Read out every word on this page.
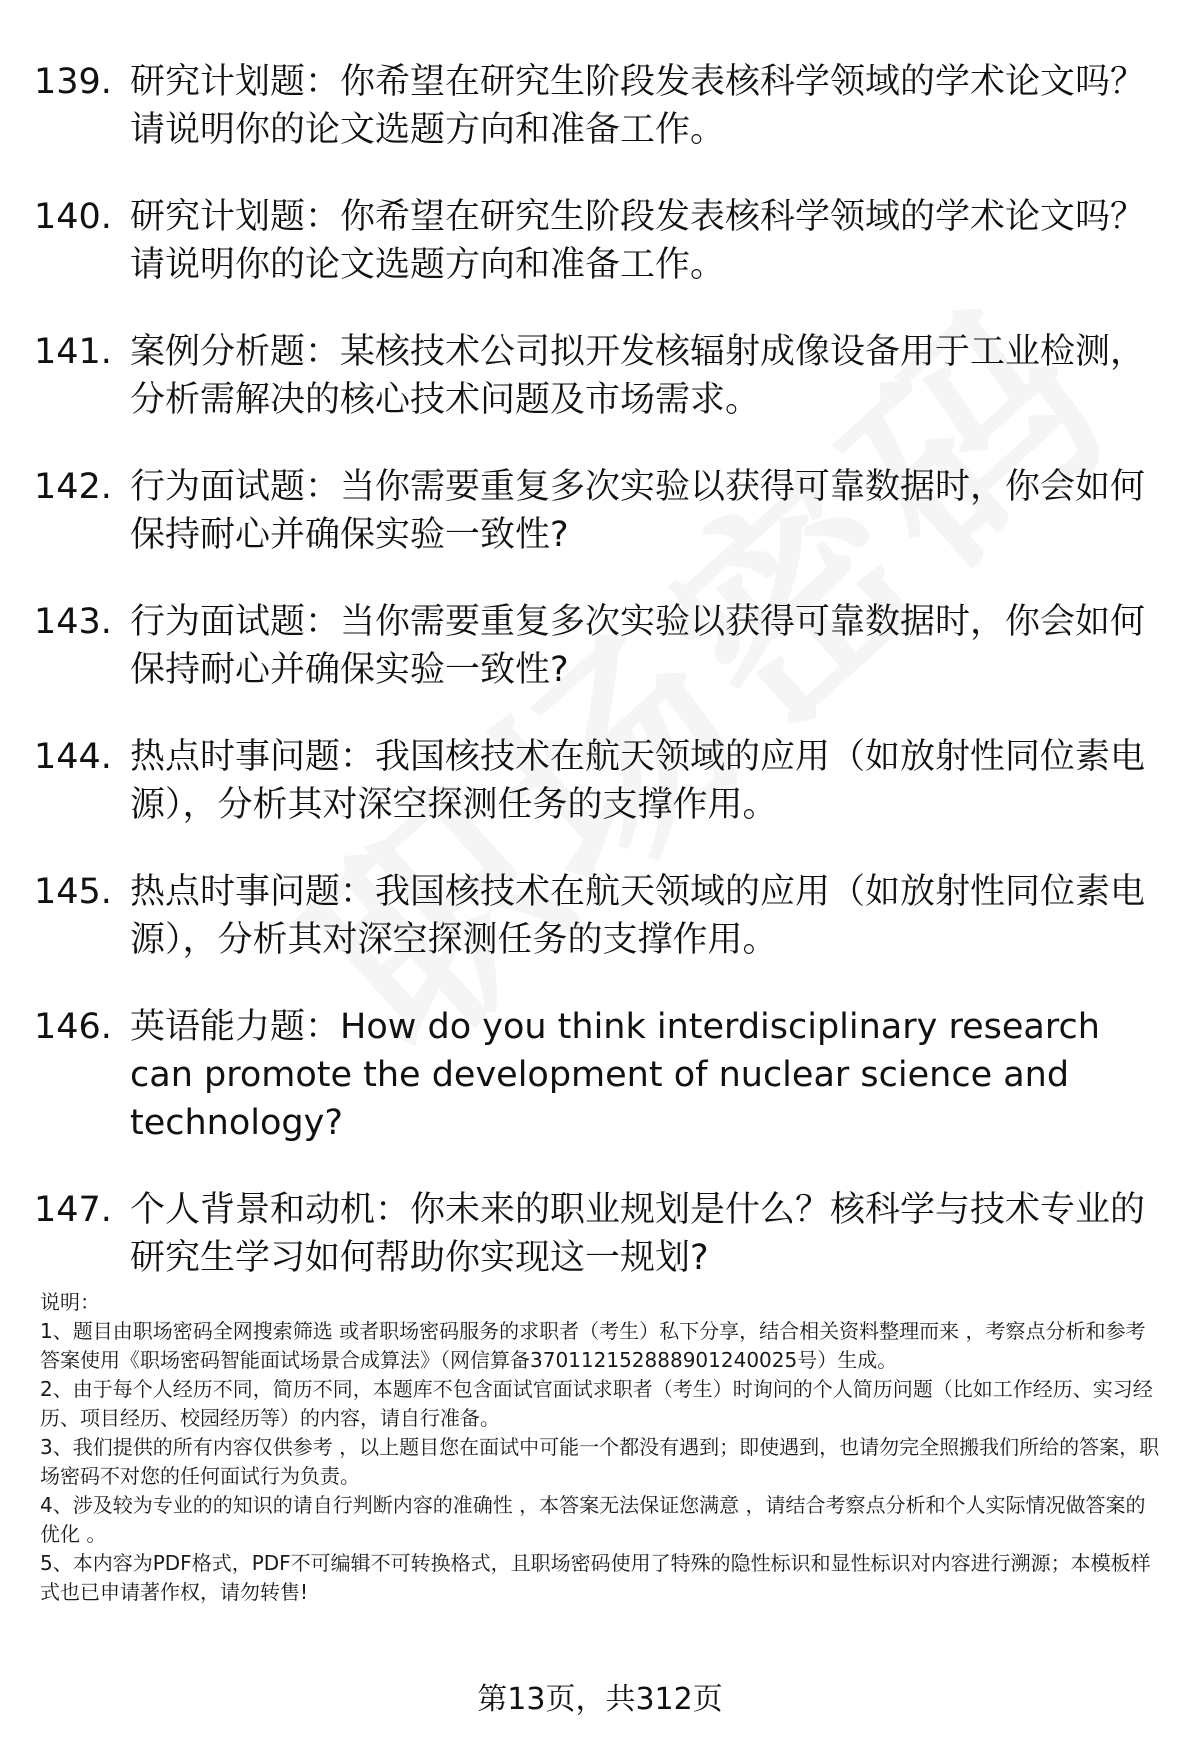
139. 研究计划题：你希望在研究生阶段发表核科学领域的学术论文吗？请说明你的论文选题方向和准备工作。
140. 研究计划题：你希望在研究生阶段发表核科学领域的学术论文吗？请说明你的论文选题方向和准备工作。
141. 案例分析题：某核技术公司拟开发核辐射成像设备用于工业检测，分析需解决的核心技术问题及市场需求。
142. 行为面试题：当你需要重复多次实验以获得可靠数据时，你会如何保持耐心并确保实验一致性?
143. 行为面试题：当你需要重复多次实验以获得可靠数据时，你会如何保持耐心并确保实验一致性?
144. 热点时事问题：我国核技术在航天领域的应用（如放射性同位素电源），分析其对深空探测任务的支撑作用。
145. 热点时事问题：我国核技术在航天领域的应用（如放射性同位素电源），分析其对深空探测任务的支撑作用。
146. 英语能力题：How do you think interdisciplinary research can promote the development of nuclear science and technology?
147. 个人背景和动机：你未来的职业规划是什么？核科学与技术专业的研究生学习如何帮助你实现这一规划?

说明：

1、题目由职场密码全网搜索筛选 或者职场密码服务的求职者（考生）私下分享，结合相关资料整理而来 ，考察点分析和参考答案使用《职场密码智能面试场景合成算法》（网信算备370112152888901240025号）生成。

2、由于每个人经历不同，简历不同，本题库不包含面试官面试求职者（考生）时询问的个人简历问题（比如工作经历、实习经历、项目经历、校园经历等）的内容，请自行准备。

3、我们提供的所有内容仅供参考 ，以上题目您在面试中可能一个都没有遇到；即使遇到，也请勿完全照搬我们所给的答案，职场密码不对您的任何面试行为负责。

4、涉及较为专业的的知识的请自行判断内容的准确性 ，本答案无法保证您满意 ，请结合考察点分析和个人实际情况做答案的优化 。

5、本内容为PDF格式，PDF不可编辑不可转换格式，且职场密码使用了特殊的隐性标识和显性标识对内容进行溯源；本模板样式也已申请著作权，请勿转售!

第13页，共312页
